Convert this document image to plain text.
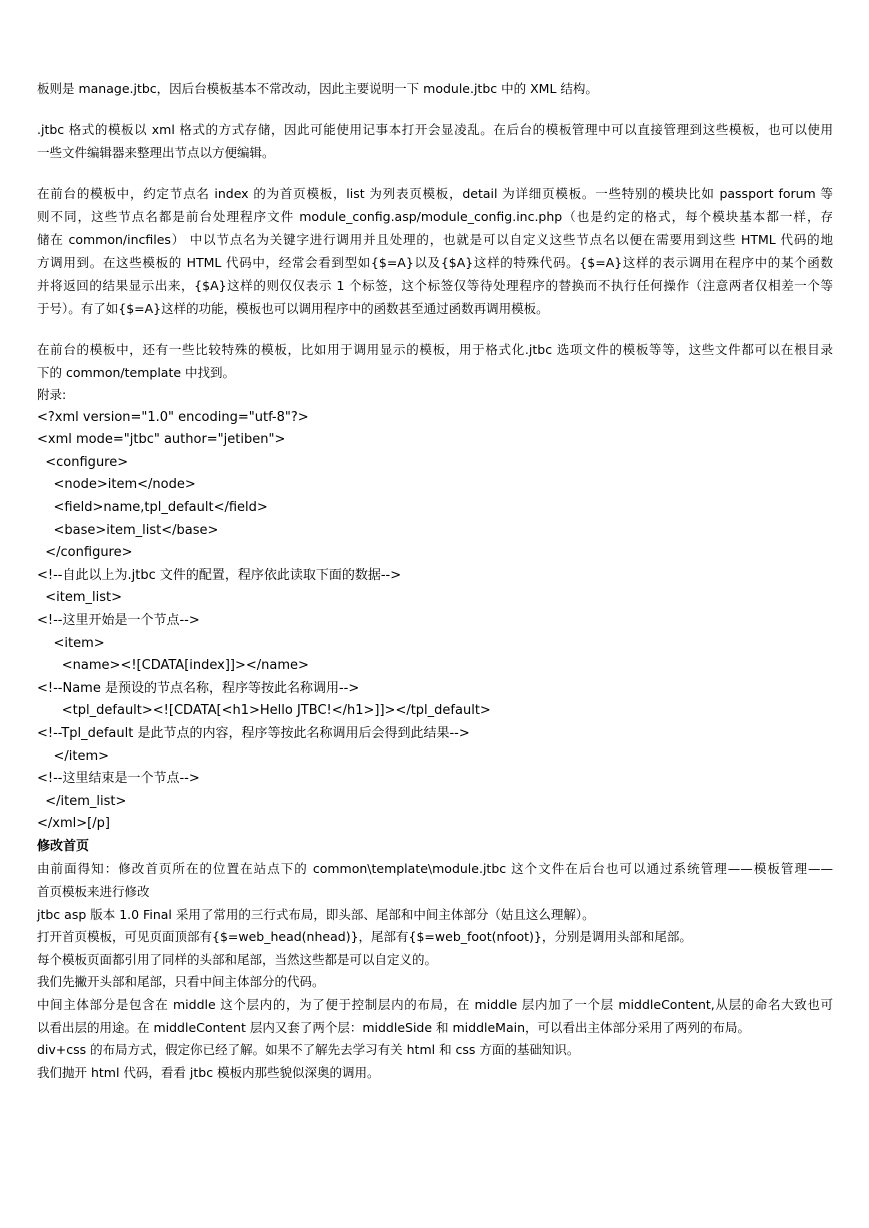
板则是 manage.jtbc，因后台模板基本不常改动，因此主要说明一下 module.jtbc 中的 XML 结构。

.jtbc 格式的模板以 xml 格式的方式存储，因此可能使用记事本打开会显凌乱。在后台的模板管理中可以直接管理到这些模板，也可以使用

一些文件编辑器来整理出节点以方便编辑。

在前台的模板中，约定节点名 index 的为首页模板，list 为列表页模板，detail 为详细页模板。一些特别的模块比如 passport forum 等

则不同，这些节点名都是前台处理程序文件 module_config.asp/module_config.inc.php（也是约定的格式，每个模块基本都一样，存

储在 common/incfiles） 中以节点名为关键字进行调用并且处理的，也就是可以自定义这些节点名以便在需要用到这些 HTML 代码的地

方调用到。在这些模板的 HTML 代码中，经常会看到型如{$=A}以及{$A}这样的特殊代码。{$=A}这样的表示调用在程序中的某个函数

并将返回的结果显示出来，{$A}这样的则仅仅表示 1 个标签，这个标签仅等待处理程序的替换而不执行任何操作（注意两者仅相差一个等

于号）。有了如{$=A}这样的功能，模板也可以调用程序中的函数甚至通过函数再调用模板。

在前台的模板中，还有一些比较特殊的模板，比如用于调用显示的模板，用于格式化.jtbc 选项文件的模板等等，这些文件都可以在根目录

下的 common/template 中找到。

附录:

<?xml version="1.0" encoding="utf-8"?>

<xml mode="jtbc" author="jetiben">

<configure>

<node>item</node>

<field>name,tpl_default</field>

<base>item_list</base>

</configure>

<!--自此以上为.jtbc 文件的配置，程序依此读取下面的数据-->

<item_list>

<!--这里开始是一个节点-->

<item>

<name><![CDATA[index]]></name>

<!--Name 是预设的节点名称，程序等按此名称调用-->

<tpl_default><![CDATA[<h1>Hello JTBC!</h1>]]></tpl_default>

<!--Tpl_default 是此节点的内容，程序等按此名称调用后会得到此结果-->

</item>

<!--这里结束是一个节点-->

</item_list>

</xml>[/p]

修改首页

由前面得知：修改首页所在的位置在站点下的 common\template\module.jtbc 这个文件在后台也可以通过系统管理——模板管理——

首页模板来进行修改

jtbc asp 版本 1.0 Final 采用了常用的三行式布局，即头部、尾部和中间主体部分（姑且这么理解）。

打开首页模板，可见页面顶部有{$=web_head(nhead)}，尾部有{$=web_foot(nfoot)}，分别是调用头部和尾部。

每个模板页面都引用了同样的头部和尾部，当然这些都是可以自定义的。

我们先撇开头部和尾部，只看中间主体部分的代码。

中间主体部分是包含在 middle 这个层内的，为了便于控制层内的布局，在 middle 层内加了一个层 middleContent,从层的命名大致也可

以看出层的用途。在 middleContent 层内又套了两个层：middleSide 和 middleMain，可以看出主体部分采用了两列的布局。

div+css 的布局方式，假定你已经了解。如果不了解先去学习有关 html 和 css 方面的基础知识。

我们抛开 html 代码，看看 jtbc 模板内那些貌似深奥的调用。
